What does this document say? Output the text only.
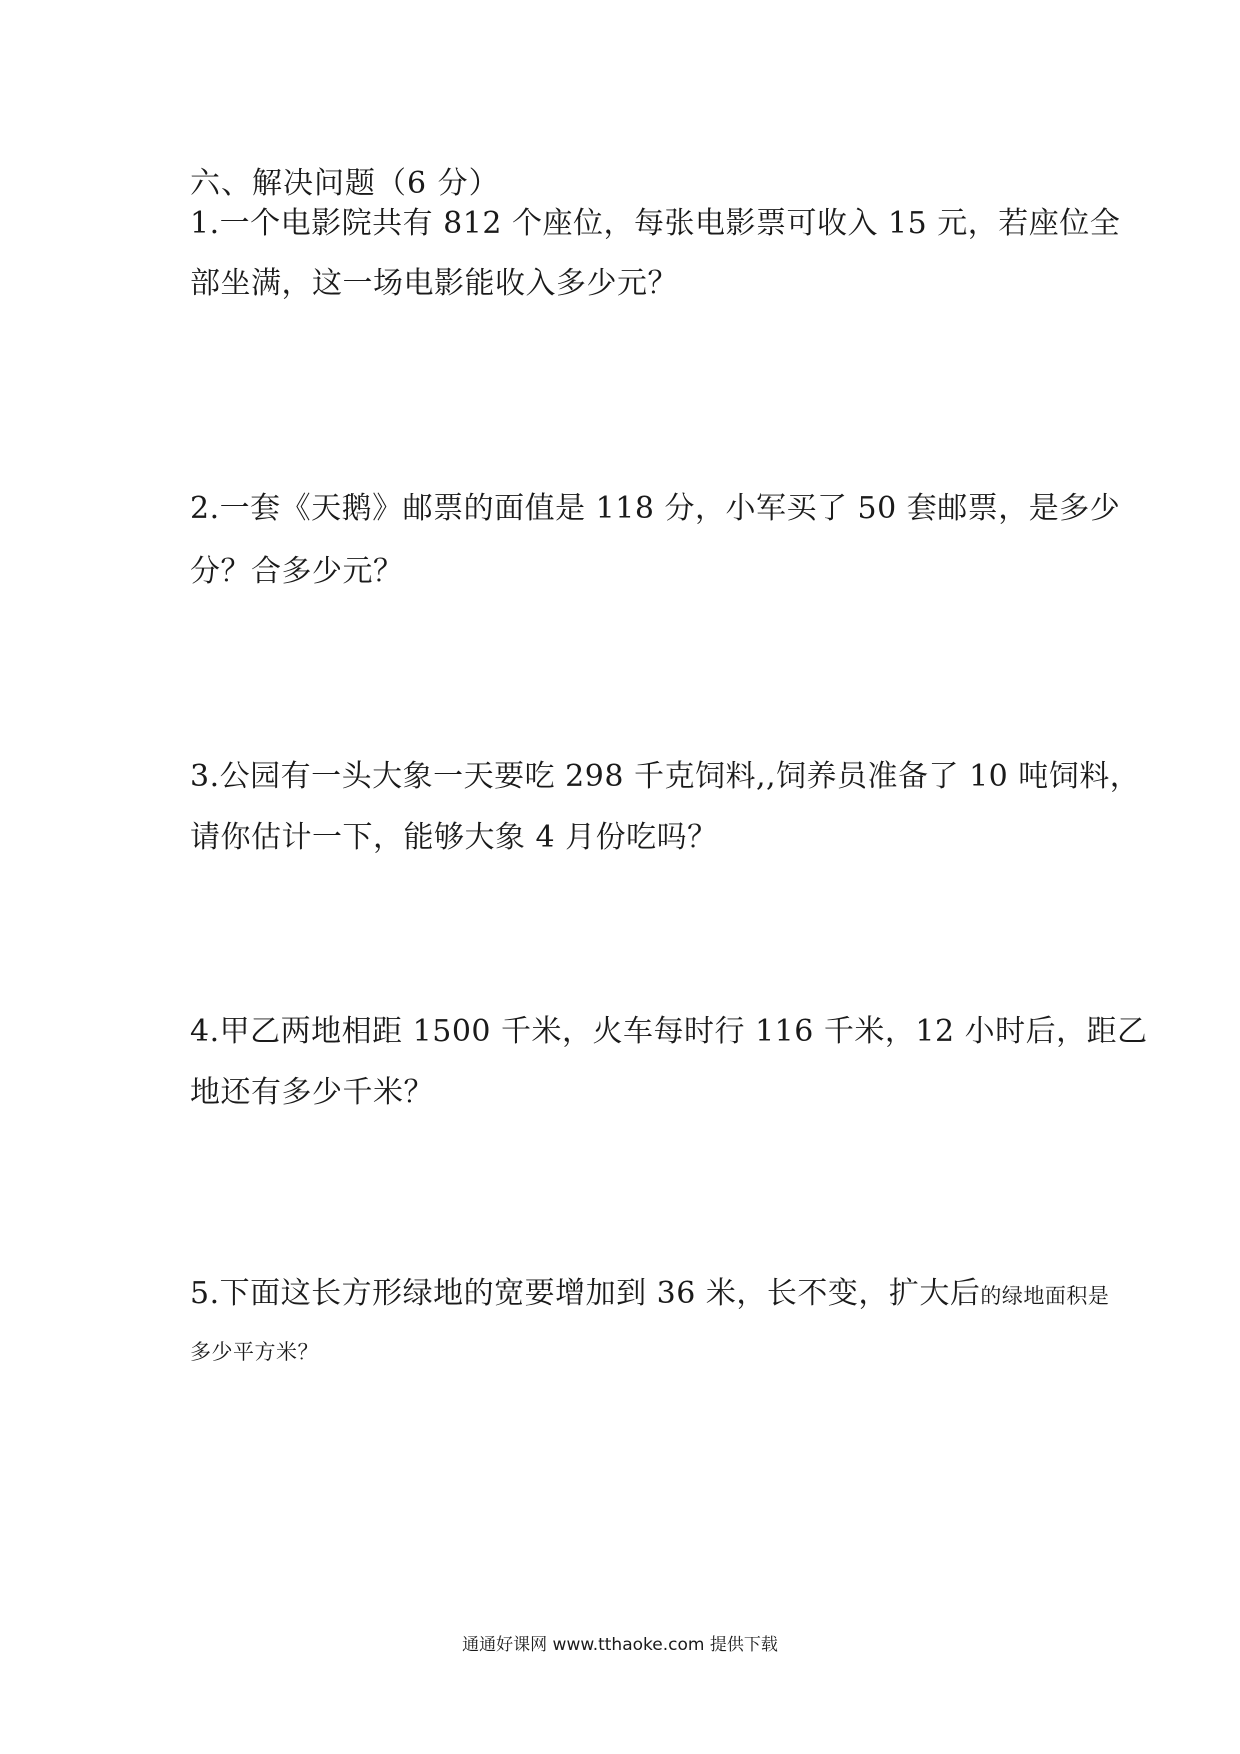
六、解决问题（6 分）
1.一个电影院共有 812 个座位，每张电影票可收入 15 元，若座位全
部坐满，这一场电影能收入多少元？
2.一套《天鹅》邮票的面值是 118 分，小军买了 50 套邮票，是多少
分？合多少元？
3.公园有一头大象一天要吃 298 千克饲料,,饲养员准备了 10 吨饲料，
请你估计一下，能够大象 4 月份吃吗？
4.甲乙两地相距 1500 千米，火车每时行 116 千米，12 小时后，距乙
地还有多少千米？
5.下面这长方形绿地的宽要增加到 36 米，长不变，扩大后的绿地面积是
多少平方米？
通通好课网 www.tthaoke.com 提供下载
